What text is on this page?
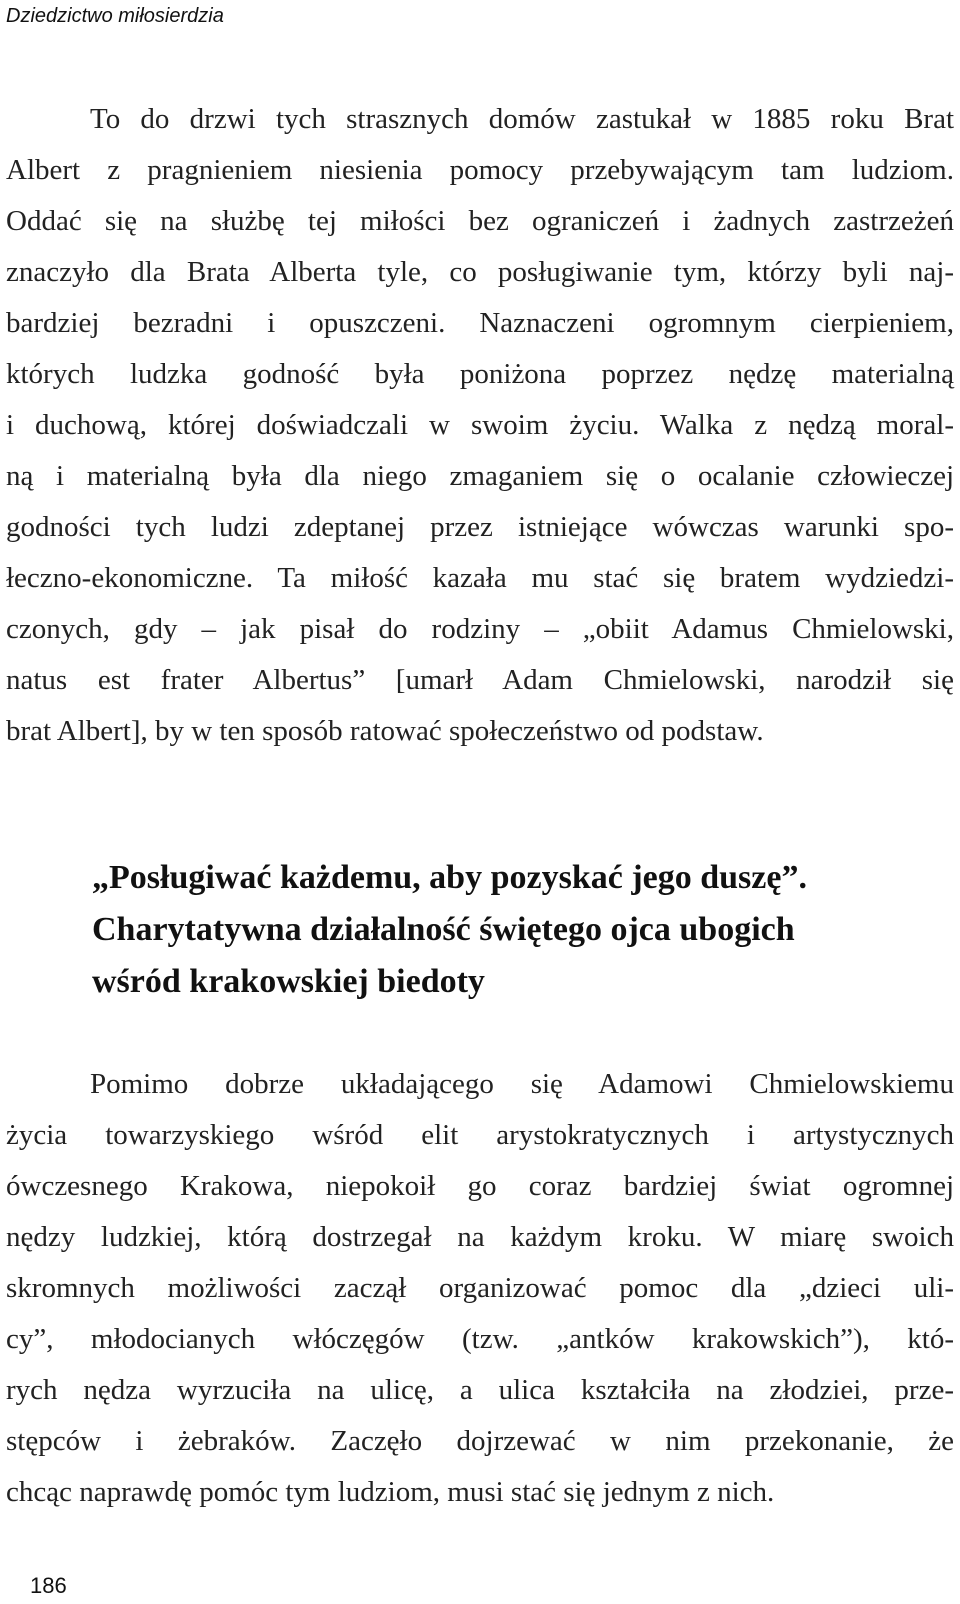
Dziedzictwo miłosierdzia

To do drzwi tych strasznych domów zastukał w 1885 roku Brat
Albert z pragnieniem niesienia pomocy przebywającym tam ludziom.
Oddać się na służbę tej miłości bez ograniczeń i żadnych zastrzeżeń
znaczyło dla Brata Alberta tyle, co posługiwanie tym, którzy byli naj-
bardziej bezradni i opuszczeni. Naznaczeni ogromnym cierpieniem,
których ludzka godność była poniżona poprzez nędzę materialną
i duchową, której doświadczali w swoim życiu. Walka z nędzą moral-
ną i materialną była dla niego zmaganiem się o ocalanie człowieczej
godności tych ludzi zdeptanej przez istniejące wówczas warunki spo-
łeczno-ekonomiczne. Ta miłość kazała mu stać się bratem wydziedzi-
czonych, gdy – jak pisał do rodziny – „obiit Adamus Chmielowski,
natus est frater Albertus” [umarł Adam Chmielowski, narodził się
brat Albert], by w ten sposób ratować społeczeństwo od podstaw.
„Posługiwać każdemu, aby pozyskać jego duszę”.
Charytatywna działalność świętego ojca ubogich
wśród krakowskiej biedoty
Pomimo dobrze układającego się Adamowi Chmielowskiemu
życia towarzyskiego wśród elit arystokratycznych i artystycznych
ówczesnego Krakowa, niepokoił go coraz bardziej świat ogromnej
nędzy ludzkiej, którą dostrzegał na każdym kroku. W miarę swoich
skromnych możliwości zaczął organizować pomoc dla „dzieci uli-
cy”, młodocianych włóczęgów (tzw. „antków krakowskich”), któ-
rych nędza wyrzuciła na ulicę, a ulica kształciła na złodziei, prze-
stępców i żebraków. Zaczęło dojrzewać w nim przekonanie, że
chcąc naprawdę pomóc tym ludziom, musi stać się jednym z nich.

186
